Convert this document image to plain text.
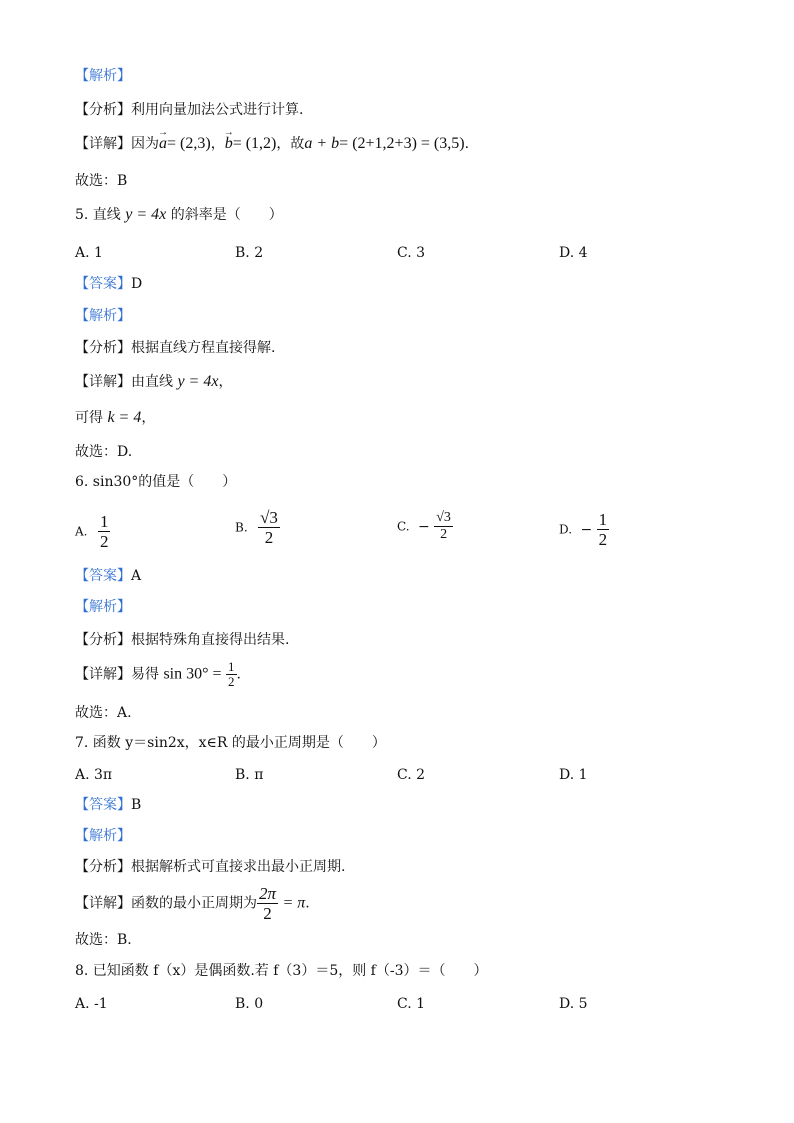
【解析】
【分析】利用向量加法公式进行计算.
【详解】因为→ a= (2,3)，→ b= (1,2)，故a + b= (2+1,2+3) = (3,5).
故选：B
5. 直线 y = 4x 的斜率是（　　）
A. 1	B. 2	C. 3	D. 4
【答案】D
【解析】
【分析】根据直线方程直接得解.
【详解】由直线 y = 4x，
可得 k = 4，
故选：D.
6. sin30°的值是（　　）
A. $\frac{1}{2}$	B. $\frac{√3}{2}$	C. − $\frac{√3}{2}$	D. − $\frac{1}{2}$
【答案】A
【解析】
【分析】根据特殊角直接得出结果.
【详解】易得 $\sin 30^\circ = \frac{1}{2}$ .
故选：A.
7. 函数 y＝sin2x，x∈R 的最小正周期是（　　）
A. 3π	B. π	C. 2	D. 1
【答案】B
【解析】
【分析】根据解析式可直接求出最小正周期.
【详解】函数的最小正周期为 $\frac{2\pi}{2} = \pi$.
故选：B.
8. 已知函数 f（x）是偶函数.若 f（3）＝5，则 f（-3）＝（　　）
A. -1	B. 0	C. 1	D. 5
